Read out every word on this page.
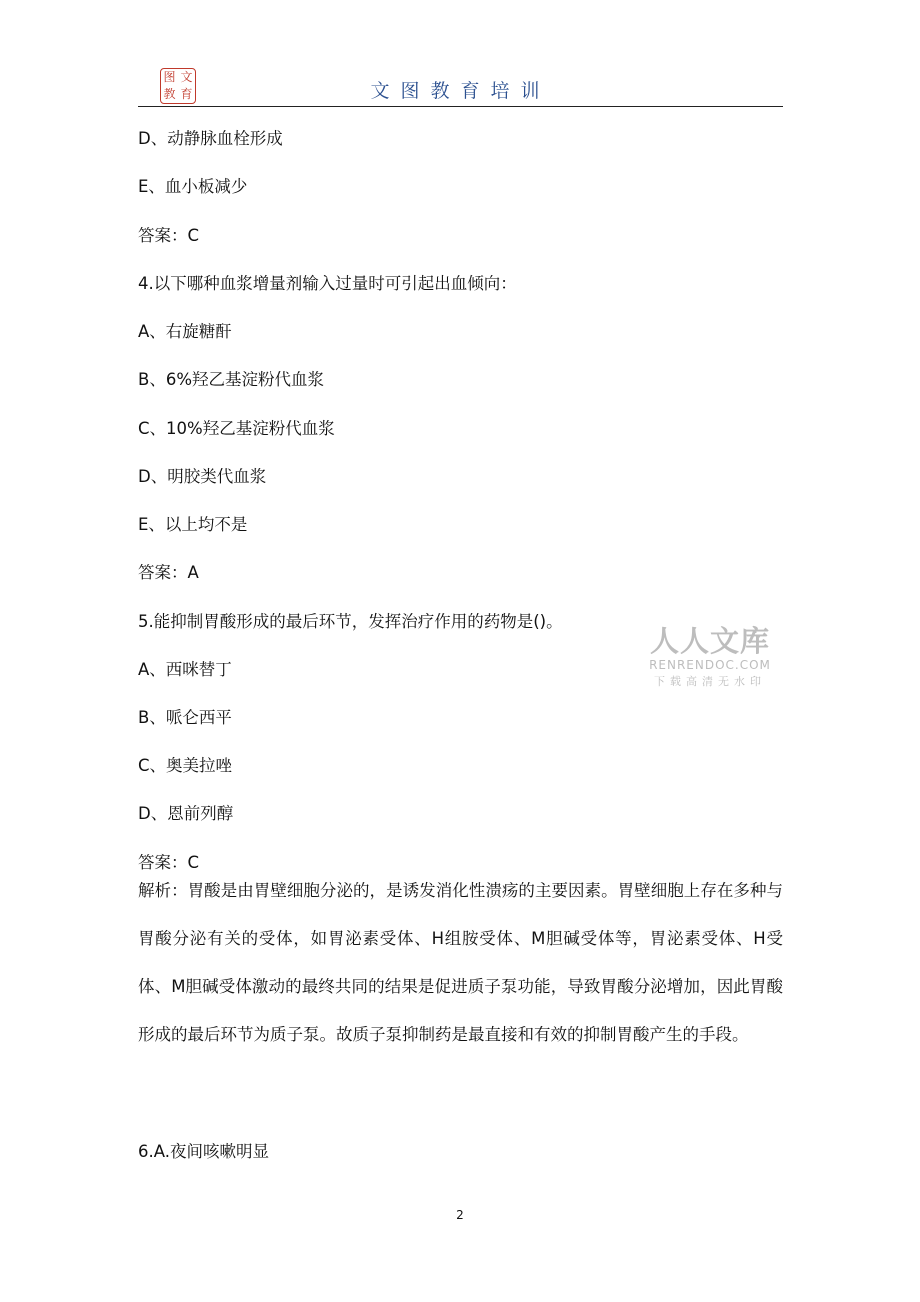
图 文
教 育	文图教育培训
D、动静脉血栓形成
E、血小板减少
答案：C
4.以下哪种血浆增量剂输入过量时可引起出血倾向：
A、右旋糖酐
B、6%羟乙基淀粉代血浆
C、10%羟乙基淀粉代血浆
D、明胶类代血浆
E、以上均不是
答案：A
5.能抑制胃酸形成的最后环节，发挥治疗作用的药物是()。
A、西咪替丁
B、哌仑西平
C、奥美拉唑
D、恩前列醇
答案：C
解析：胃酸是由胃壁细胞分泌的，是诱发消化性溃疡的主要因素。胃壁细胞上存在多种与胃酸分泌有关的受体，如胃泌素受体、H组胺受体、M胆碱受体等，胃泌素受体、H受体、M胆碱受体激动的最终共同的结果是促进质子泵功能，导致胃酸分泌增加，因此胃酸形成的最后环节为质子泵。故质子泵抑制药是最直接和有效的抑制胃酸产生的手段。
6.A.夜间咳嗽明显
人人文库
RENRENDOC.COM
下载高清无水印
2
